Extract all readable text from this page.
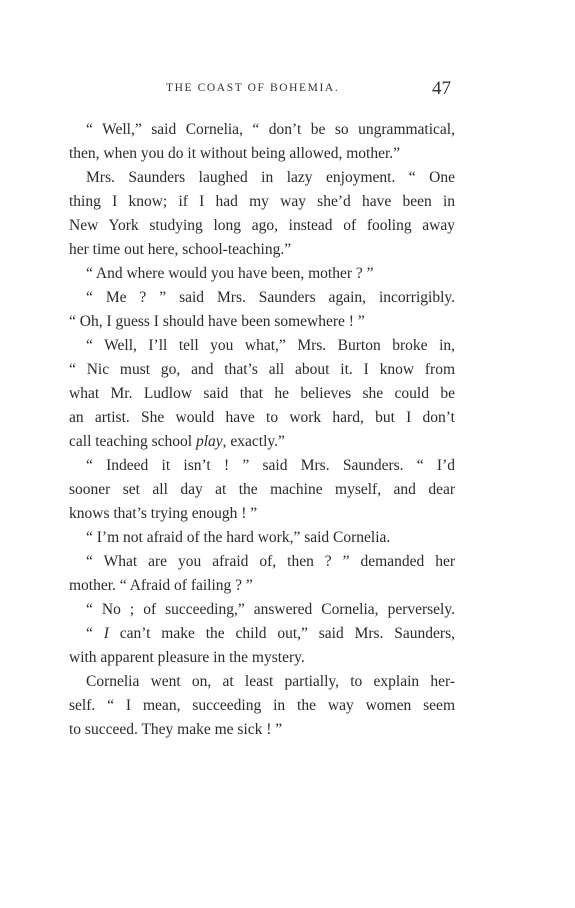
THE COAST OF BOHEMIA.	47
“ Well,” said Cornelia, “ don’t be so ungrammatical,
then, when you do it without being allowed, mother.”
Mrs. Saunders laughed in lazy enjoyment. “ One
thing I know; if I had my way she’d have been in
New York studying long ago, instead of fooling away
her time out here, school-teaching.”
“ And where would you have been, mother ? ”
“ Me ? ” said Mrs. Saunders again, incorrigibly.
“ Oh, I guess I should have been somewhere ! ”
“ Well, I’ll tell you what,” Mrs. Burton broke in,
“ Nic must go, and that’s all about it. I know from
what Mr. Ludlow said that he believes she could be
an artist. She would have to work hard, but I don’t
call teaching school play, exactly.”
“ Indeed it isn’t ! ” said Mrs. Saunders. “ I’d
sooner set all day at the machine myself, and dear
knows that’s trying enough ! ”
“ I’m not afraid of the hard work,” said Cornelia.
“ What are you afraid of, then ? ” demanded her
mother. “ Afraid of failing ? ”
“ No ; of succeeding,” answered Cornelia, perversely.
“ I can’t make the child out,” said Mrs. Saunders,
with apparent pleasure in the mystery.
Cornelia went on, at least partially, to explain her-
self. “ I mean, succeeding in the way women seem
to succeed. They make me sick ! ”
